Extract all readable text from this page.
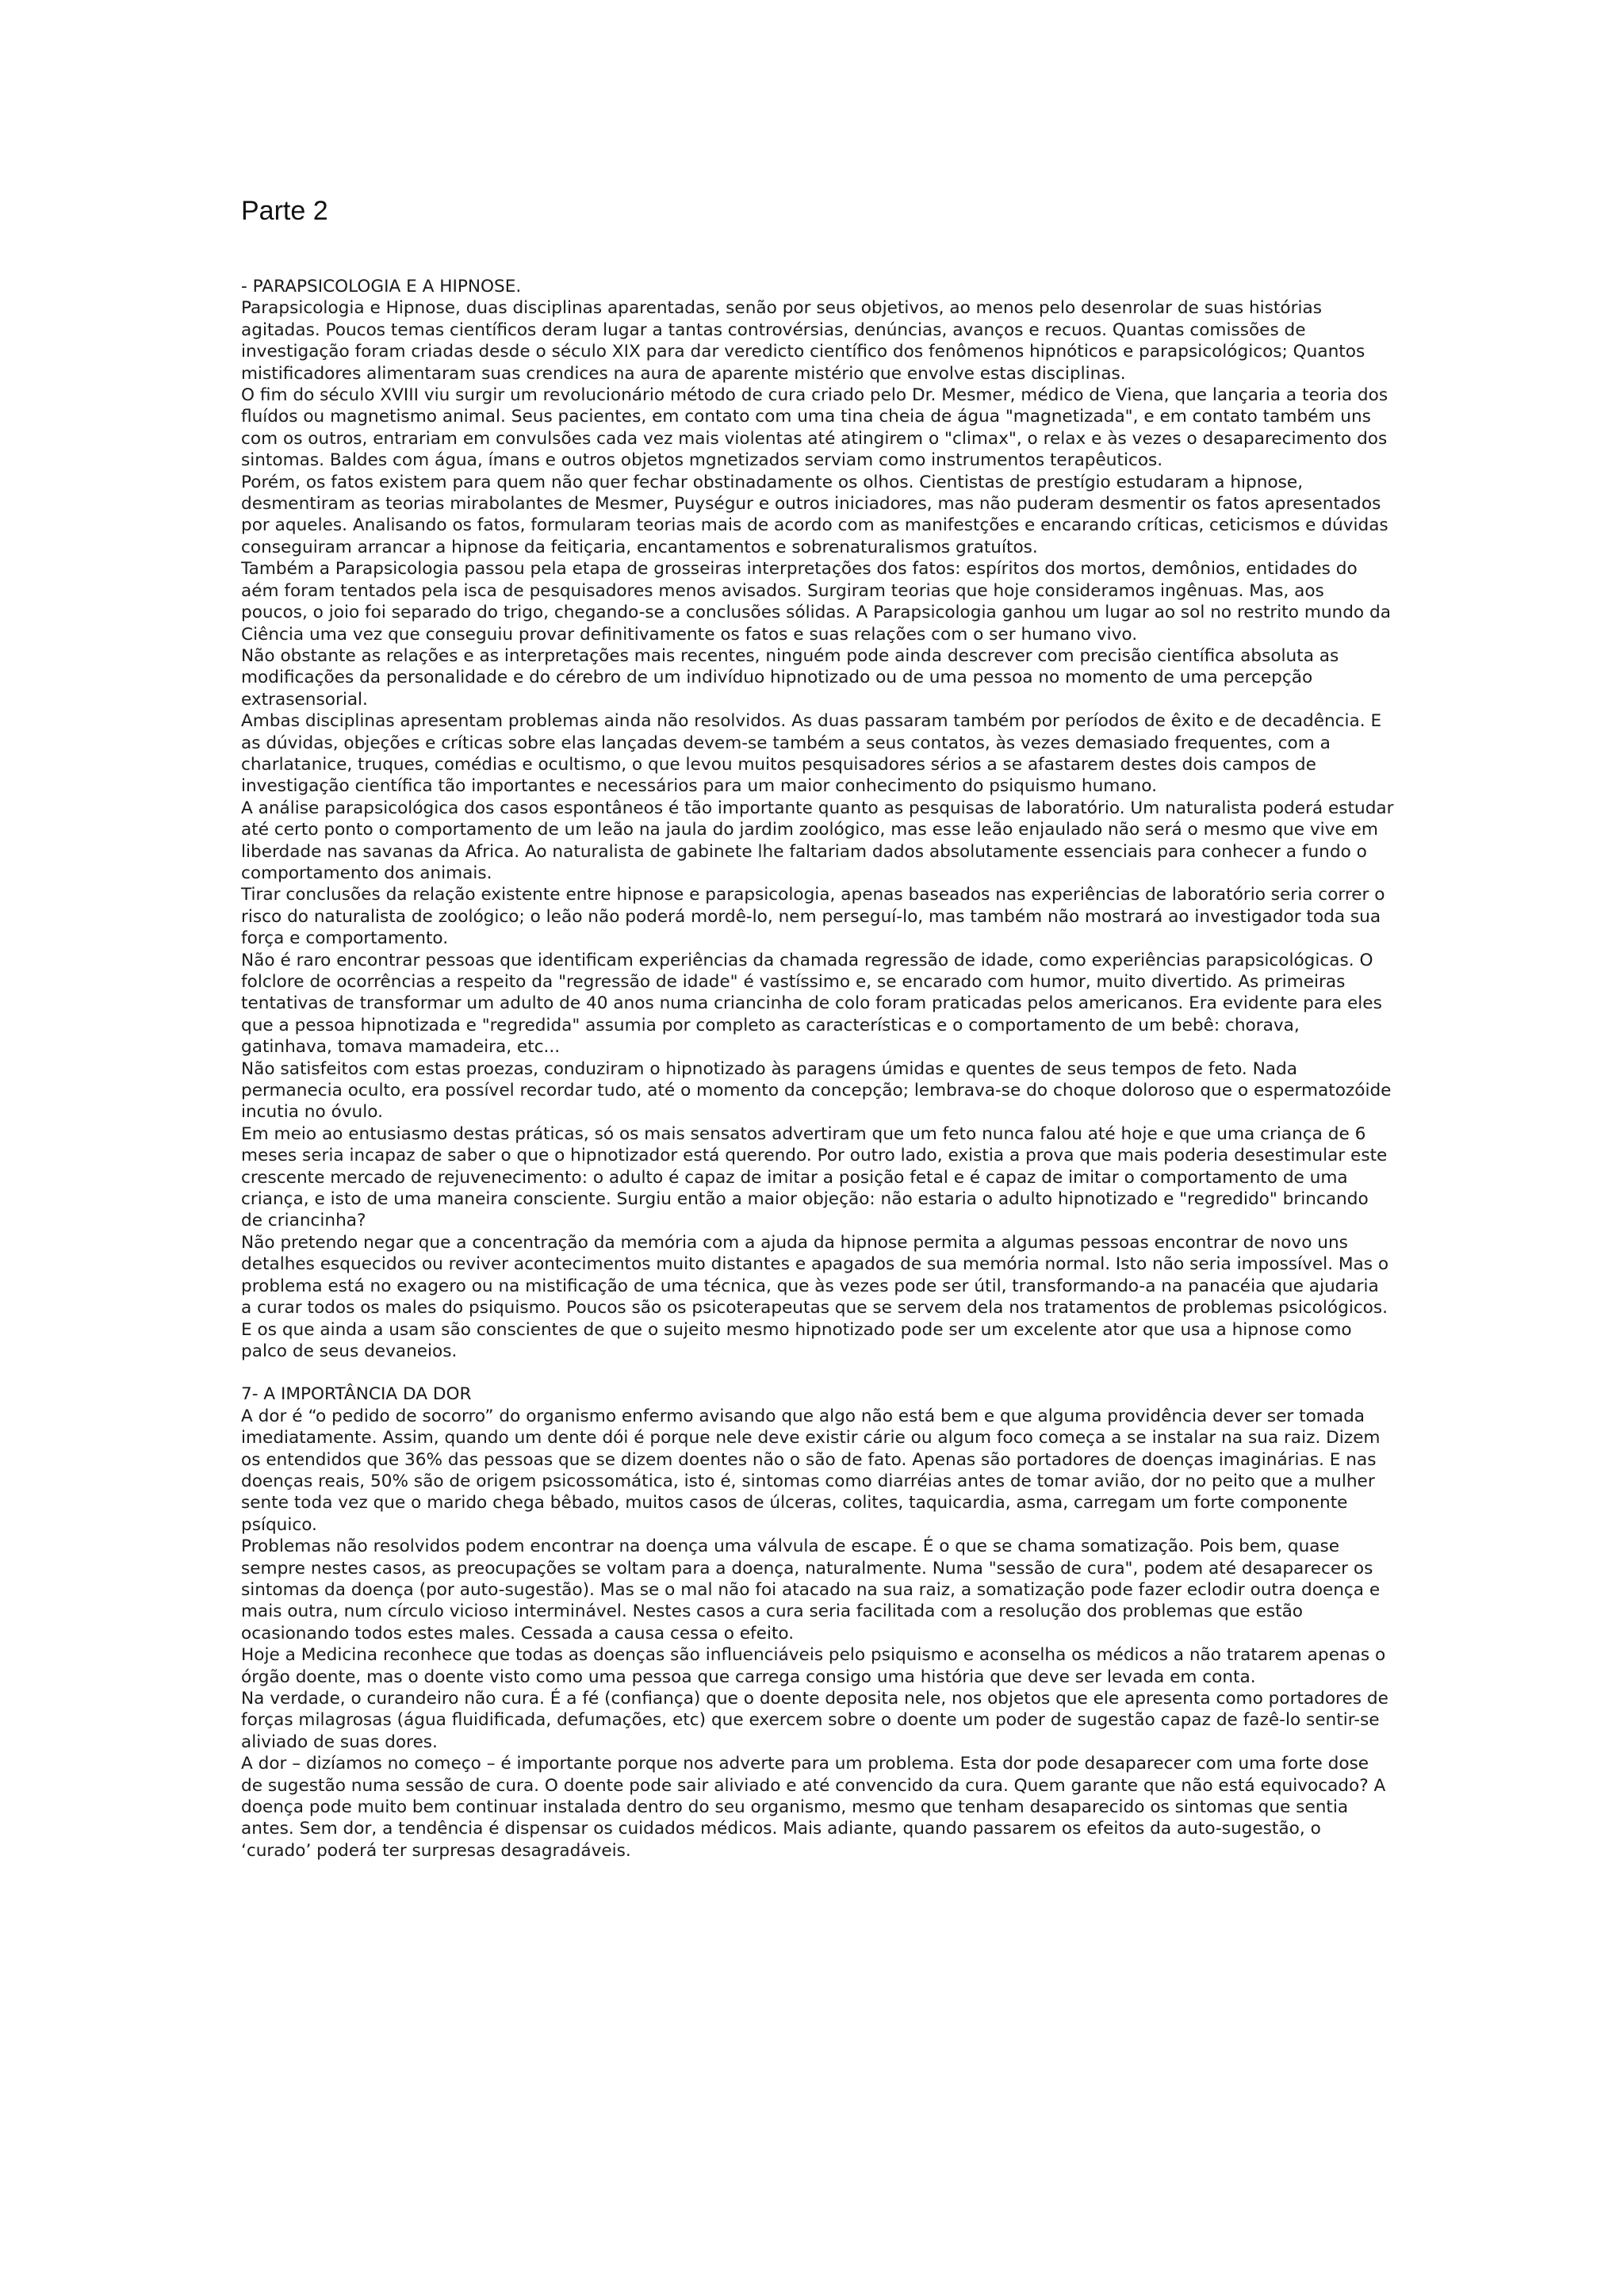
Parte 2

- PARAPSICOLOGIA E A HIPNOSE.

Parapsicologia e Hipnose, duas disciplinas aparentadas, senão por seus objetivos, ao menos pelo desenrolar de suas histórias agitadas. Poucos temas científicos deram lugar a tantas controvérsias, denúncias, avanços e recuos. Quantas comissões de investigação foram criadas desde o século XIX para dar veredicto científico dos fenômenos hipnóticos e parapsicológicos; Quantos mistificadores alimentaram suas crendices na aura de aparente mistério que envolve estas disciplinas.

O fim do século XVIII viu surgir um revolucionário método de cura criado pelo Dr. Mesmer, médico de Viena, que lançaria a teoria dos fluídos ou magnetismo animal. Seus pacientes, em contato com uma tina cheia de água "magnetizada", e em contato também uns com os outros, entrariam em convulsões cada vez mais violentas até atingirem o "climax", o relax e às vezes o desaparecimento dos sintomas. Baldes com água, ímans e outros objetos mgnetizados serviam como instrumentos terapêuticos.

Porém, os fatos existem para quem não quer fechar obstinadamente os olhos. Cientistas de prestígio estudaram a hipnose, desmentiram as teorias mirabolantes de Mesmer, Puységur e outros iniciadores, mas não puderam desmentir os fatos apresentados por aqueles. Analisando os fatos, formularam teorias mais de acordo com as manifestções e encarando críticas, ceticismos e dúvidas conseguiram arrancar a hipnose da feitiçaria, encantamentos e sobrenaturalismos gratuítos.

Também a Parapsicologia passou pela etapa de grosseiras interpretações dos fatos: espíritos dos mortos, demônios, entidades do aém foram tentados pela isca de pesquisadores menos avisados. Surgiram teorias que hoje consideramos ingênuas. Mas, aos poucos, o joio foi separado do trigo, chegando-se a conclusões sólidas. A Parapsicologia ganhou um lugar ao sol no restrito mundo da Ciência uma vez que conseguiu provar definitivamente os fatos e suas relações com o ser humano vivo.

Não obstante as relações e as interpretações mais recentes, ninguém pode ainda descrever com precisão científica absoluta as modificações da personalidade e do cérebro de um indivíduo hipnotizado ou de uma pessoa no momento de uma percepção extrasensorial.

Ambas disciplinas apresentam problemas ainda não resolvidos. As duas passaram também por períodos de êxito e de decadência. E as dúvidas, objeções e críticas sobre elas lançadas devem-se também a seus contatos, às vezes demasiado frequentes, com a charlatanice, truques, comédias e ocultismo, o que levou muitos pesquisadores sérios a se afastarem destes dois campos de investigação científica tão importantes e necessários para um maior conhecimento do psiquismo humano.

A análise parapsicológica dos casos espontâneos é tão importante quanto as pesquisas de laboratório. Um naturalista poderá estudar até certo ponto o comportamento de um leão na jaula do jardim zoológico, mas esse leão enjaulado não será o mesmo que vive em liberdade nas savanas da Africa. Ao naturalista de gabinete lhe faltariam dados absolutamente essenciais para conhecer a fundo o comportamento dos animais.

Tirar conclusões da relação existente entre hipnose e parapsicologia, apenas baseados nas experiências de laboratório seria correr o risco do naturalista de zoológico; o leão não poderá mordê-lo, nem perseguí-lo, mas também não mostrará ao investigador toda sua força e comportamento.

Não é raro encontrar pessoas que identificam experiências da chamada regressão de idade, como experiências parapsicológicas. O folclore de ocorrências a respeito da "regressão de idade" é vastíssimo e, se encarado com humor, muito divertido. As primeiras tentativas de transformar um adulto de 40 anos numa criancinha de colo foram praticadas pelos americanos. Era evidente para eles que a pessoa hipnotizada e "regredida" assumia por completo as características e o comportamento de um bebê: chorava, gatinhava, tomava mamadeira, etc...

Não satisfeitos com estas proezas, conduziram o hipnotizado às paragens úmidas e quentes de seus tempos de feto. Nada permanecia oculto, era possível recordar tudo, até o momento da concepção; lembrava-se do choque doloroso que o espermatozóide incutia no óvulo.

Em meio ao entusiasmo destas práticas, só os mais sensatos advertiram que um feto nunca falou até hoje e que uma criança de 6 meses seria incapaz de saber o que o hipnotizador está querendo. Por outro lado, existia a prova que mais poderia desestimular este crescente mercado de rejuvenecimento: o adulto é capaz de imitar a posição fetal e é capaz de imitar o comportamento de uma criança, e isto de uma maneira consciente. Surgiu então a maior objeção: não estaria o adulto hipnotizado e "regredido" brincando de criancinha?

Não pretendo negar que a concentração da memória com a ajuda da hipnose permita a algumas pessoas encontrar de novo uns detalhes esquecidos ou reviver acontecimentos muito distantes e apagados de sua memória normal. Isto não seria impossível. Mas o problema está no exagero ou na mistificação de uma técnica, que às vezes pode ser útil, transformando-a na panacéia que ajudaria a curar todos os males do psiquismo. Poucos são os psicoterapeutas que se servem dela nos tratamentos de problemas psicológicos. E os que ainda a usam são conscientes de que o sujeito mesmo hipnotizado pode ser um excelente ator que usa a hipnose como palco de seus devaneios.

7- A IMPORTÂNCIA DA DOR

A dor é “o pedido de socorro” do organismo enfermo avisando que algo não está bem e que alguma providência dever ser tomada imediatamente. Assim, quando um dente dói é porque nele deve existir cárie ou algum foco começa a se instalar na sua raiz. Dizem os entendidos que 36% das pessoas que se dizem doentes não o são de fato. Apenas são portadores de doenças imaginárias. E nas doenças reais, 50% são de origem psicossomática, isto é, sintomas como diarréias antes de tomar avião, dor no peito que a mulher sente toda vez que o marido chega bêbado, muitos casos de úlceras, colites, taquicardia, asma, carregam um forte componente psíquico.

Problemas não resolvidos podem encontrar na doença uma válvula de escape. É o que se chama somatização. Pois bem, quase sempre nestes casos, as preocupações se voltam para a doença, naturalmente. Numa "sessão de cura", podem até desaparecer os sintomas da doença (por auto-sugestão). Mas se o mal não foi atacado na sua raiz, a somatização pode fazer eclodir outra doença e mais outra, num círculo vicioso interminável. Nestes casos a cura seria facilitada com a resolução dos problemas que estão ocasionando todos estes males. Cessada a causa cessa o efeito.

Hoje a Medicina reconhece que todas as doenças são influenciáveis pelo psiquismo e aconselha os médicos a não tratarem apenas o órgão doente, mas o doente visto como uma pessoa que carrega consigo uma história que deve ser levada em conta.

Na verdade, o curandeiro não cura. É a fé (confiança) que o doente deposita nele, nos objetos que ele apresenta como portadores de forças milagrosas (água fluidificada, defumações, etc) que exercem sobre o doente um poder de sugestão capaz de fazê-lo sentir-se aliviado de suas dores.

A dor – dizíamos no começo – é importante porque nos adverte para um problema. Esta dor pode desaparecer com uma forte dose de sugestão numa sessão de cura. O doente pode sair aliviado e até convencido da cura. Quem garante que não está equivocado? A doença pode muito bem continuar instalada dentro do seu organismo, mesmo que tenham desaparecido os sintomas que sentia antes. Sem dor, a tendência é dispensar os cuidados médicos. Mais adiante, quando passarem os efeitos da auto-sugestão, o ‘curado’ poderá ter surpresas desagradáveis.
